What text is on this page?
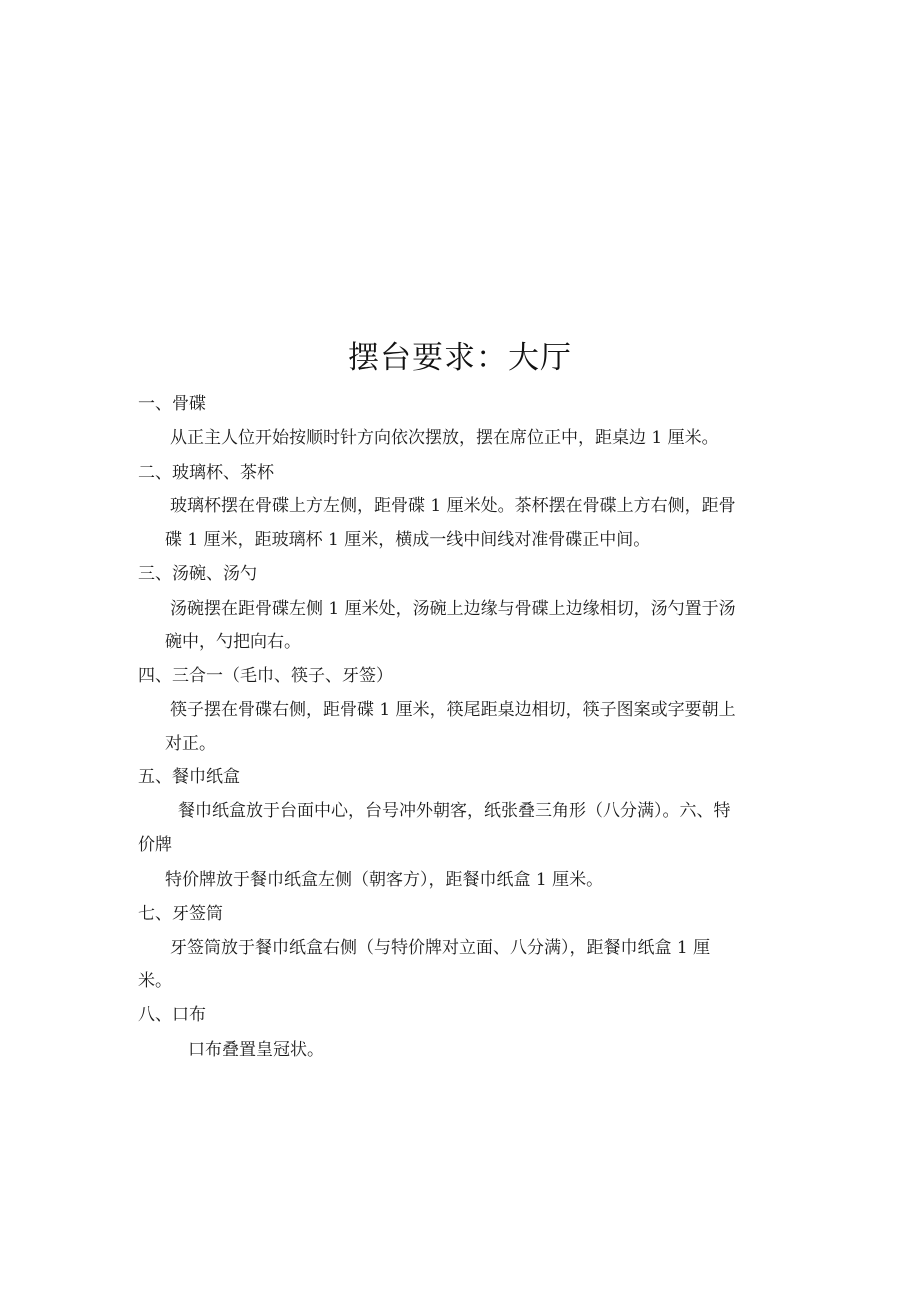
摆台要求：大厅
一、骨碟
从正主人位开始按顺时针方向依次摆放，摆在席位正中，距桌边 1 厘米。
二、玻璃杯、茶杯
玻璃杯摆在骨碟上方左侧，距骨碟 1 厘米处。茶杯摆在骨碟上方右侧，距骨
碟 1 厘米，距玻璃杯 1 厘米，横成一线中间线对准骨碟正中间。
三、汤碗、汤勺
汤碗摆在距骨碟左侧 1 厘米处，汤碗上边缘与骨碟上边缘相切，汤勺置于汤
碗中，勺把向右。
四、三合一（毛巾、筷子、牙签）
筷子摆在骨碟右侧，距骨碟 1 厘米，筷尾距桌边相切，筷子图案或字要朝上
对正。
五、餐巾纸盒
餐巾纸盒放于台面中心，台号冲外朝客，纸张叠三角形（八分满）。六、特
价牌
特价牌放于餐巾纸盒左侧（朝客方），距餐巾纸盒 1 厘米。
七、牙签筒
牙签筒放于餐巾纸盒右侧（与特价牌对立面、八分满），距餐巾纸盒 1 厘
米。
八、口布
口布叠置皇冠状。
